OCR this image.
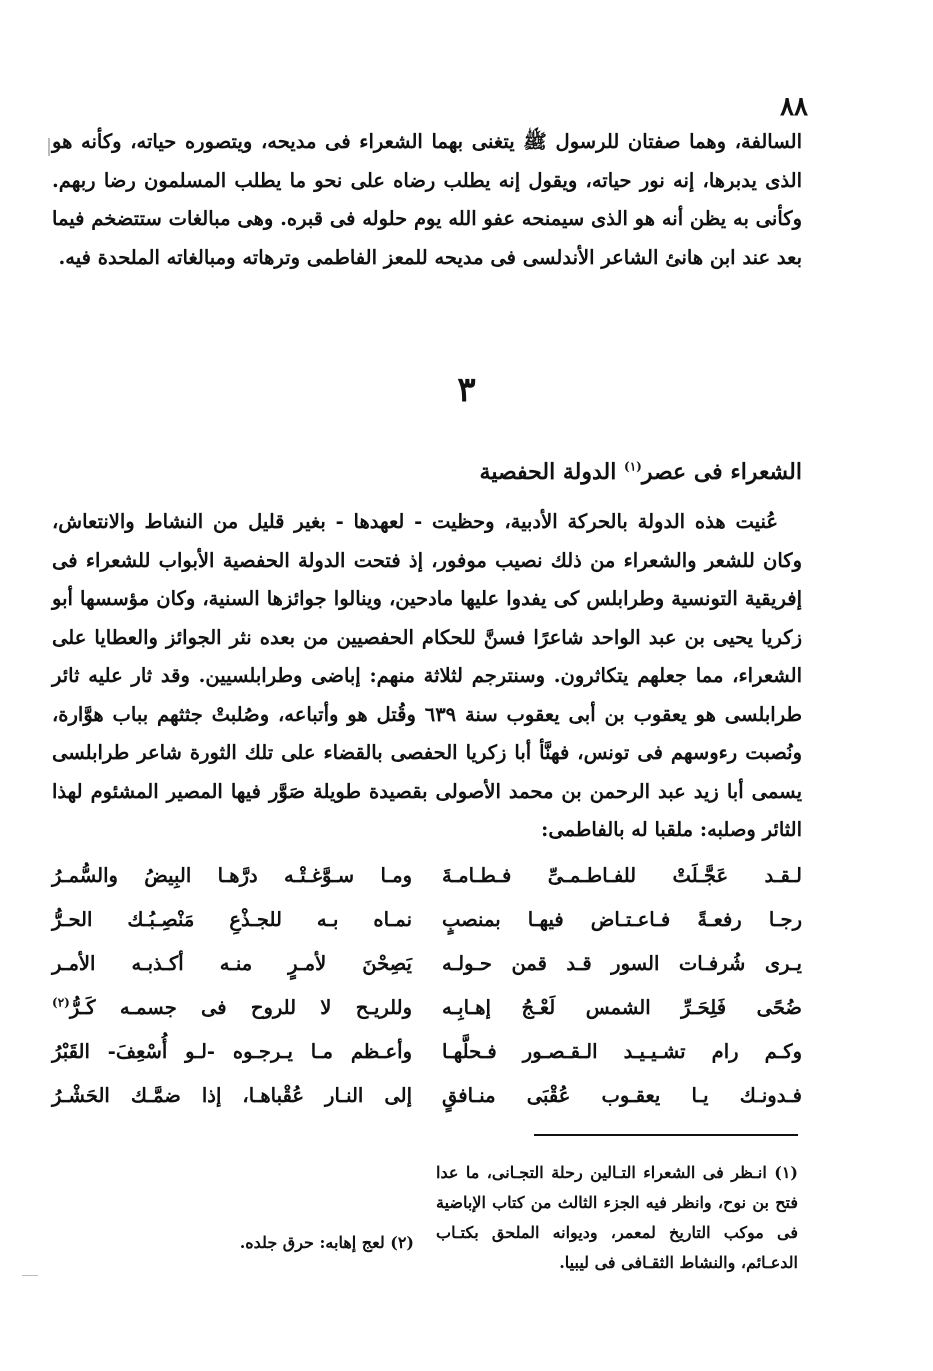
٨٨

السالفة، وهما صفتان للرسول ﷺ يتغنى بهما الشعراء فى مديحه، ويتصوره حياته، وكأنه هو الذى يدبرها، إنه نور حياته، ويقول إنه يطلب رضاه على نحو ما يطلب المسلمون رضا ربهم. وكأنى به يظن أنه هو الذى سيمنحه عفو الله يوم حلوله فى قبره. وهى مبالغات ستتضخم فيما بعد عند ابن هانئ الشاعر الأندلسى فى مديحه للمعز الفاطمى وترهاته ومبالغاته الملحدة فيه.

٣
الشعراء فى عصر$^{(١)}$ الدولة الحفصية

عُنيت هذه الدولة بالحركة الأدبية، وحظيت - لعهدها - بغير قليل من النشاط والانتعاش، وكان للشعر والشعراء من ذلك نصيب موفور، إذ فتحت الدولة الحفصية الأبواب للشعراء فى إفريقية التونسية وطرابلس كى يفدوا عليها مادحين، وينالوا جوائزها السنية، وكان مؤسسها أبو زكريا يحيى بن عبد الواحد شاعرًا فسنَّ للحكام الحفصيين من بعده نثر الجوائز والعطايا على الشعراء، مما جعلهم يتكاثرون. وسنترجم لثلاثة منهم: إباضى وطرابلسيين. وقد ثار عليه ثائر طرابلسى هو يعقوب بن أبى يعقوب سنة ٦٣٩ وقُتل هو وأتباعه، وصُلبتْ جثثهم بباب هوَّارة، ونُصبت رءوسهم فى تونس، فهنَّأ أبا زكريا الحفصى بالقضاء على تلك الثورة شاعر طرابلسى يسمى أبا زيد عبد الرحمن بن محمد الأصولى بقصيدة طويلة صَوَّر فيها المصير المشئوم لهذا الثائر وصلبه: ملقبا له بالفاطمى:

لـقـد عَجَّـلَتْ للفـاطـمـىِّ فـطـامـةَ
ومـا سـوَّغـتْـه درَّهـا البِيضُ والسُّمـرُ
رجـا رفعـةً فـاعـتـاض فيهـا بمنصبٍ
نمـاه بـه للجـذْعِ مَنْصِـبُـك الحـرُّ
يـرى شُرفـات السور قـد قمن حـولـه
يَصِحْنَ لأمـرٍ منـه أكـذبـه الأمـر
ضُحًى فَلِحَـرِّ الشمس لَعْـجُ إهـابِـه
وللريـح لا للروح فى جسمـه كَـرُّ$^{(٢)}$
وكـم رام تشـيـيـد الـقـصـور فـحلَّهـا
وأعـظم مـا يـرجـوه -لـو أُسْعِفَ- القَبْرُ
فـدونـك يـا يعقـوب عُقْبَى منـافقٍ
إلى النـار عُقْباهـا، إذا ضمَّـك الحَشْـرُ

(١) انـظر فى الشعراء التـالين رحلة التجـانى، ما عدا فتح بن نوح، وانظر فيه الجزء الثالث من كتاب الإباضية فى موكب التاريخ لمعمر، وديوانه الملحق بكتـاب الدعـائم، والنشاط الثقـافى فى ليبيا.

(٢) لعج إهابه: حرق جلده.
